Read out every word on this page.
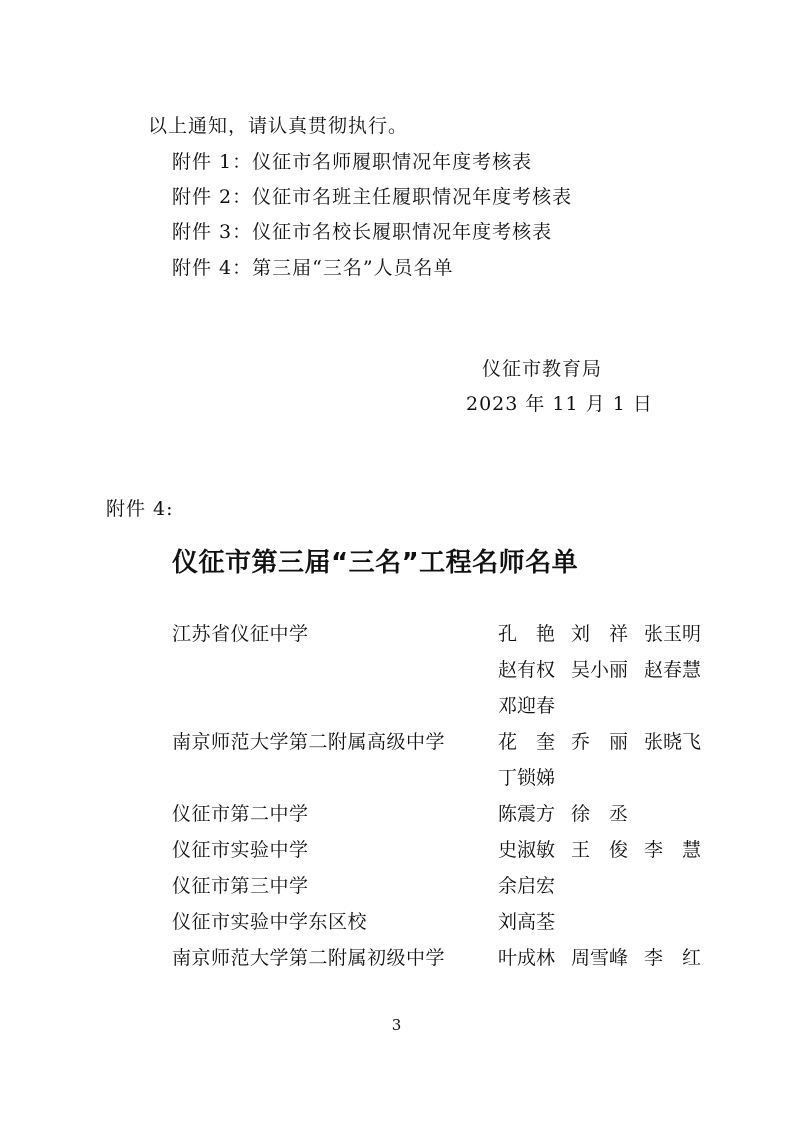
以上通知，请认真贯彻执行。
附件 1：仪征市名师履职情况年度考核表
附件 2：仪征市名班主任履职情况年度考核表
附件 3：仪征市名校长履职情况年度考核表
附件 4：第三届“三名”人员名单
仪征市教育局
2023 年 11 月 1 日
附件 4:
仪征市第三届“三名”工程名师名单
江苏省仪征中学	孔　艳 刘　祥 张玉明
赵有权 吴小丽 赵春慧
邓迎春
南京师范大学第二附属高级中学	花　奎 乔　丽 张晓飞
丁锁娣
仪征市第二中学	陈震方 徐　丞
仪征市实验中学	史淑敏 王　俊 李　慧
仪征市第三中学	余启宏
仪征市实验中学东区校	刘高荃
南京师范大学第二附属初级中学	叶成林 周雪峰 李　红
3
